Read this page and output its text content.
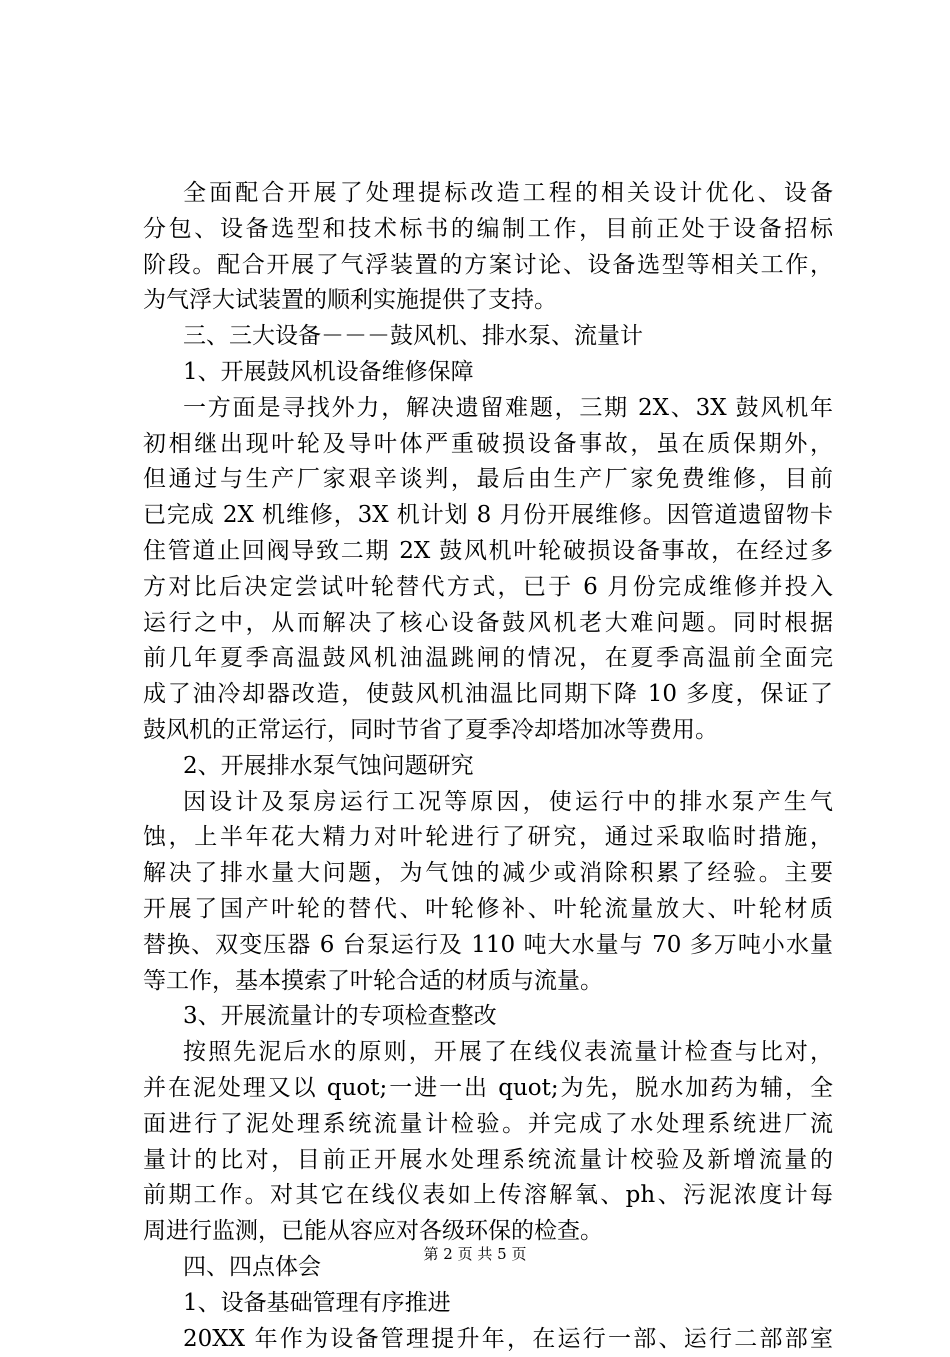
全面配合开展了处理提标改造工程的相关设计优化、设备
分包、设备选型和技术标书的编制工作，目前正处于设备招标
阶段。配合开展了气浮装置的方案讨论、设备选型等相关工作，
为气浮大试装置的顺利实施提供了支持。
三、三大设备－－－鼓风机、排水泵、流量计
1、开展鼓风机设备维修保障
一方面是寻找外力，解决遗留难题，三期 2X、3X 鼓风机年
初相继出现叶轮及导叶体严重破损设备事故，虽在质保期外，
但通过与生产厂家艰辛谈判，最后由生产厂家免费维修，目前
已完成 2X 机维修，3X 机计划 8 月份开展维修。因管道遗留物卡
住管道止回阀导致二期 2X 鼓风机叶轮破损设备事故，在经过多
方对比后决定尝试叶轮替代方式，已于 6 月份完成维修并投入
运行之中，从而解决了核心设备鼓风机老大难问题。同时根据
前几年夏季高温鼓风机油温跳闸的情况，在夏季高温前全面完
成了油冷却器改造，使鼓风机油温比同期下降 10 多度，保证了
鼓风机的正常运行，同时节省了夏季冷却塔加冰等费用。
2、开展排水泵气蚀问题研究
因设计及泵房运行工况等原因，使运行中的排水泵产生气
蚀，上半年花大精力对叶轮进行了研究，通过采取临时措施，
解决了排水量大问题，为气蚀的减少或消除积累了经验。主要
开展了国产叶轮的替代、叶轮修补、叶轮流量放大、叶轮材质
替换、双变压器 6 台泵运行及 110 吨大水量与 70 多万吨小水量
等工作，基本摸索了叶轮合适的材质与流量。
3、开展流量计的专项检查整改
按照先泥后水的原则，开展了在线仪表流量计检查与比对，
并在泥处理又以 quot;一进一出 quot;为先，脱水加药为辅，全
面进行了泥处理系统流量计检验。并完成了水处理系统进厂流
量计的比对，目前正开展水处理系统流量计校验及新增流量的
前期工作。对其它在线仪表如上传溶解氧、ph、污泥浓度计每
周进行监测，已能从容应对各级环保的检查。
四、四点体会
1、设备基础管理有序推进
20XX 年作为设备管理提升年，在运行一部、运行二部部室
第 2 页 共 5 页
